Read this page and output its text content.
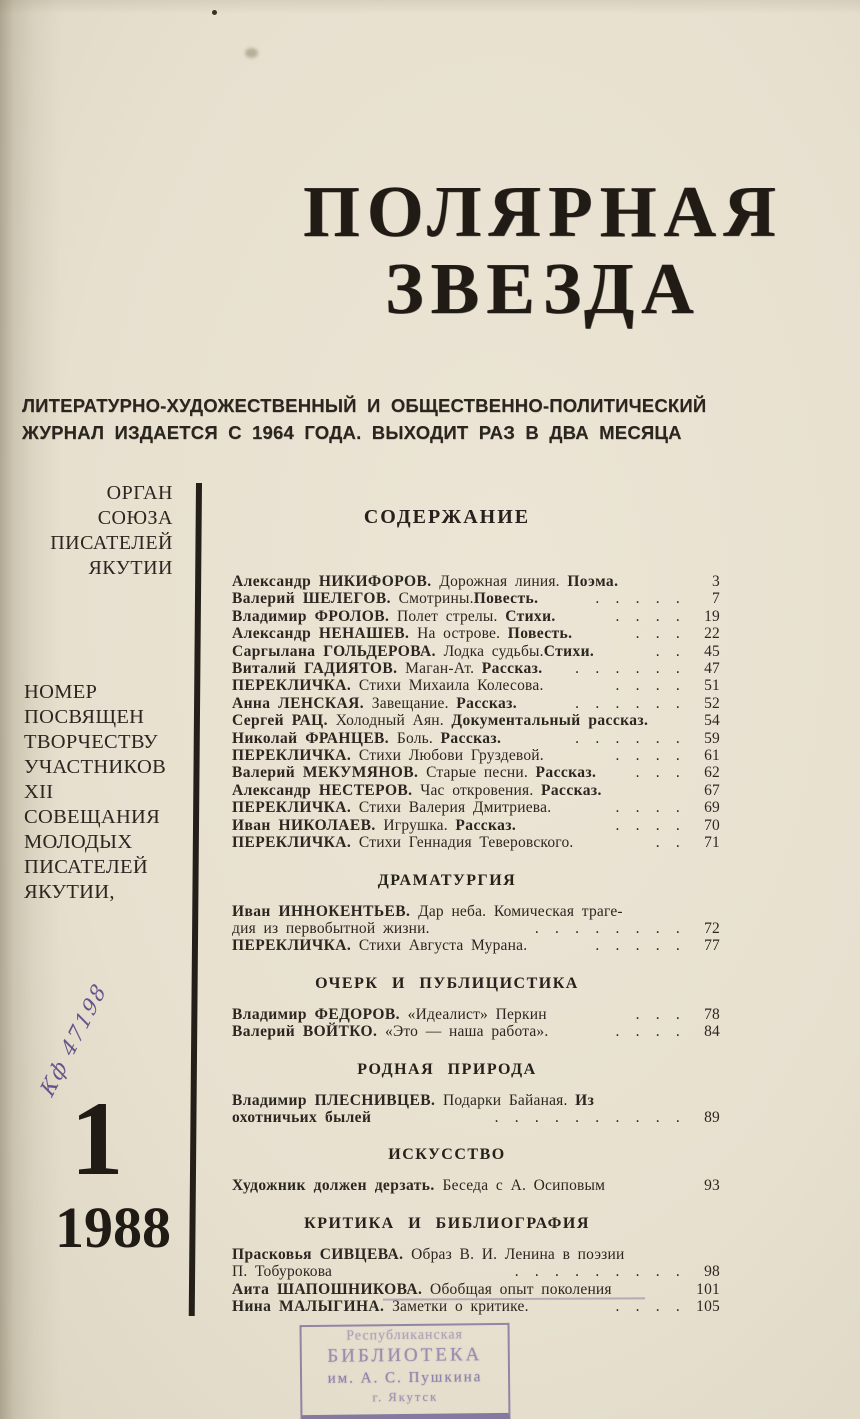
ПОЛЯРНАЯ
ЗВЕЗДА
ЛИТЕРАТУРНО-ХУДОЖЕСТВЕННЫЙ И ОБЩЕСТВЕННО-ПОЛИТИЧЕСКИЙ
ЖУРНАЛ ИЗДАЕТСЯ С 1964 ГОДА. ВЫХОДИТ РАЗ В ДВА МЕСЯЦА
ОРГАН
СОЮЗА
ПИСАТЕЛЕЙ
ЯКУТИИ
НОМЕР
ПОСВЯЩЕН
ТВОРЧЕСТВУ
УЧАСТНИКОВ
XII
СОВЕЩАНИЯ
МОЛОДЫХ
ПИСАТЕЛЕЙ
ЯКУТИИ,
Кф 47198
1
1988
СОДЕРЖАНИЕ
Александр НИКИФОРОВ. Дорожная линия. Поэма.	3
Валерий ШЕЛЕГОВ. Смотрины.Повесть.	. . . . .	7
Владимир ФРОЛОВ. Полет стрелы. Стихи.	. . . .	19
Александр НЕНАШЕВ. На острове. Повесть.	. . .	22
Саргылана ГОЛЬДЕРОВА. Лодка судьбы.Стихи.	. .	45
Виталий ГАДИЯТОВ. Маган-Ат. Рассказ.	. . . . . .	47
ПЕРЕКЛИЧКА. Стихи Михаила Колесова.	. . . .	51
Анна ЛЕНСКАЯ. Завещание. Рассказ.	. . . . . .	52
Сергей РАЦ. Холодный Аян. Документальный рассказ.	54
Николай ФРАНЦЕВ. Боль. Рассказ.	. . . . . .	59
ПЕРЕКЛИЧКА. Стихи Любови Груздевой.	. . . .	61
Валерий МЕКУМЯНОВ. Старые песни. Рассказ.	. . .	62
Александр НЕСТЕРОВ. Час откровения. Рассказ.	67
ПЕРЕКЛИЧКА. Стихи Валерия Дмитриева.	. . . .	69
Иван НИКОЛАЕВ. Игрушка. Рассказ.	. . . .	70
ПЕРЕКЛИЧКА. Стихи Геннадия Теверовского.	. .	71
ДРАМАТУРГИЯ
Иван ИННОКЕНТЬЕВ. Дар неба. Комическая траге-
дия из первобытной жизни.	. . . . . . . .	72
ПЕРЕКЛИЧКА. Стихи Августа Мурана.	. . . . .	77
ОЧЕРК И ПУБЛИЦИСТИКА
Владимир ФЕДОРОВ. «Идеалист» Перкин	. . .	78
Валерий ВОЙТКО. «Это — наша работа».	. . . .	84
РОДНАЯ ПРИРОДА
Владимир ПЛЕСНИВЦЕВ. Подарки Байаная. Из
охотничьих былей	. . . . . . . . . .	89
ИСКУССТВО
Художник должен дерзать. Беседа с А. Осиповым	93
КРИТИКА И БИБЛИОГРАФИЯ
Прасковья СИВЦЕВА. Образ В. И. Ленина в поэзии
П. Тобурокова	. . . . . . . . .	98
Аита ШАПОШНИКОВА. Обобщая опыт поколения	101
Нина МАЛЫГИНА. Заметки о критике.	. . . .	105
Республиканская
БИБЛИОТЕКА
им. А. С. Пушкина
г. Якутск
